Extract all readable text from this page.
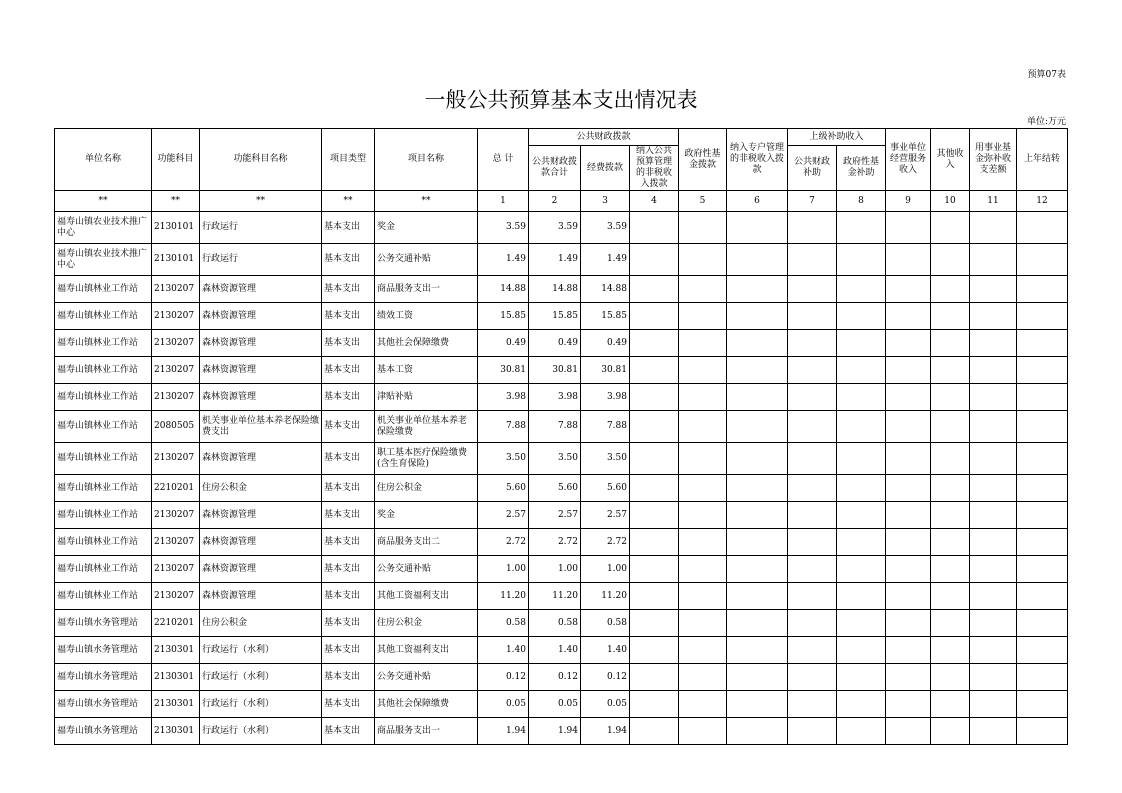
预算07表
一般公共预算基本支出情况表
单位:万元
单位名称	功能科目	功能科目名称	项目类型	项目名称	总 计	公共财政拨款			政府性基金拨款	纳入专户管理的非税收入拨款	上级补助收入		事业单位经营服务收入	其他收入	用事业基金弥补收支差额	上年结转
						公共财政拨款合计	经费拨款	纳入公共预算管理的非税收入拨款			公共财政补助	政府性基金补助				
**	**	**	**	**	1	2	3	4	5	6	7	8	9	10	11	12
福寿山镇农业技术推广中心	2130101	行政运行	基本支出	奖金	3.59	3.59	3.59									
福寿山镇农业技术推广中心	2130101	行政运行	基本支出	公务交通补贴	1.49	1.49	1.49									
福寿山镇林业工作站	2130207	森林资源管理	基本支出	商品服务支出一	14.88	14.88	14.88									
福寿山镇林业工作站	2130207	森林资源管理	基本支出	绩效工资	15.85	15.85	15.85									
福寿山镇林业工作站	2130207	森林资源管理	基本支出	其他社会保障缴费	0.49	0.49	0.49									
福寿山镇林业工作站	2130207	森林资源管理	基本支出	基本工资	30.81	30.81	30.81									
福寿山镇林业工作站	2130207	森林资源管理	基本支出	津贴补贴	3.98	3.98	3.98									
福寿山镇林业工作站	2080505	机关事业单位基本养老保险缴费支出	基本支出	机关事业单位基本养老保险缴费	7.88	7.88	7.88									
福寿山镇林业工作站	2130207	森林资源管理	基本支出	职工基本医疗保险缴费(含生育保险)	3.50	3.50	3.50									
福寿山镇林业工作站	2210201	住房公积金	基本支出	住房公积金	5.60	5.60	5.60									
福寿山镇林业工作站	2130207	森林资源管理	基本支出	奖金	2.57	2.57	2.57									
福寿山镇林业工作站	2130207	森林资源管理	基本支出	商品服务支出二	2.72	2.72	2.72									
福寿山镇林业工作站	2130207	森林资源管理	基本支出	公务交通补贴	1.00	1.00	1.00									
福寿山镇林业工作站	2130207	森林资源管理	基本支出	其他工资福利支出	11.20	11.20	11.20									
福寿山镇水务管理站	2210201	住房公积金	基本支出	住房公积金	0.58	0.58	0.58									
福寿山镇水务管理站	2130301	行政运行（水利）	基本支出	其他工资福利支出	1.40	1.40	1.40									
福寿山镇水务管理站	2130301	行政运行（水利）	基本支出	公务交通补贴	0.12	0.12	0.12									
福寿山镇水务管理站	2130301	行政运行（水利）	基本支出	其他社会保障缴费	0.05	0.05	0.05									
福寿山镇水务管理站	2130301	行政运行（水利）	基本支出	商品服务支出一	1.94	1.94	1.94									
